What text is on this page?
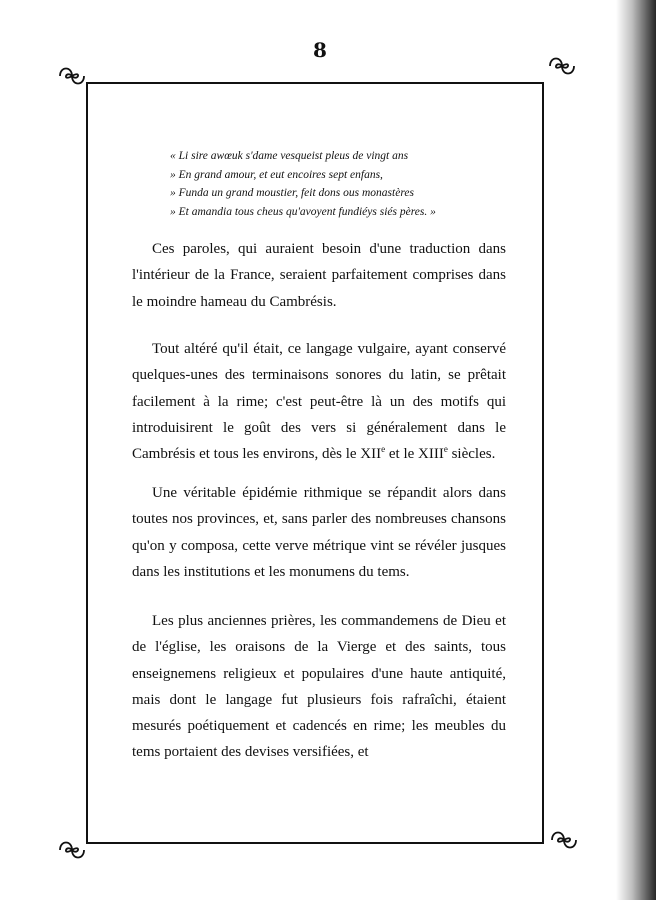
8
« Li sire awœuk s'dame vesqueist pleus de vingt ans
» En grand amour, et eut encoires sept enfans,
» Funda un grand moustier, feit dons ous monastères
» Et amandia tous cheus qu'avoyent fundiéys siés pères. »

Ces paroles, qui auraient besoin d'une traduction dans l'intérieur de la France, seraient parfaitement comprises dans le moindre hameau du Cambrésis.

Tout altéré qu'il était, ce langage vulgaire, ayant conservé quelques-unes des terminaisons sonores du latin, se prêtait facilement à la rime; c'est peut-être là un des motifs qui introduisirent le goût des vers si généralement dans le Cambrésis et tous les environs, dès le XIIe et le XIIIe siècles.

Une véritable épidémie rithmique se répandit alors dans toutes nos provinces, et, sans parler des nombreuses chansons qu'on y composa, cette verve métrique vint se révéler jusques dans les institutions et les monumens du tems.

Les plus anciennes prières, les commandemens de Dieu et de l'église, les oraisons de la Vierge et des saints, tous enseignemens religieux et populaires d'une haute antiquité, mais dont le langage fut plusieurs fois rafraîchi, étaient mesurés poétiquement et cadencés en rime; les meubles du tems portaient des devises versifiées, et
